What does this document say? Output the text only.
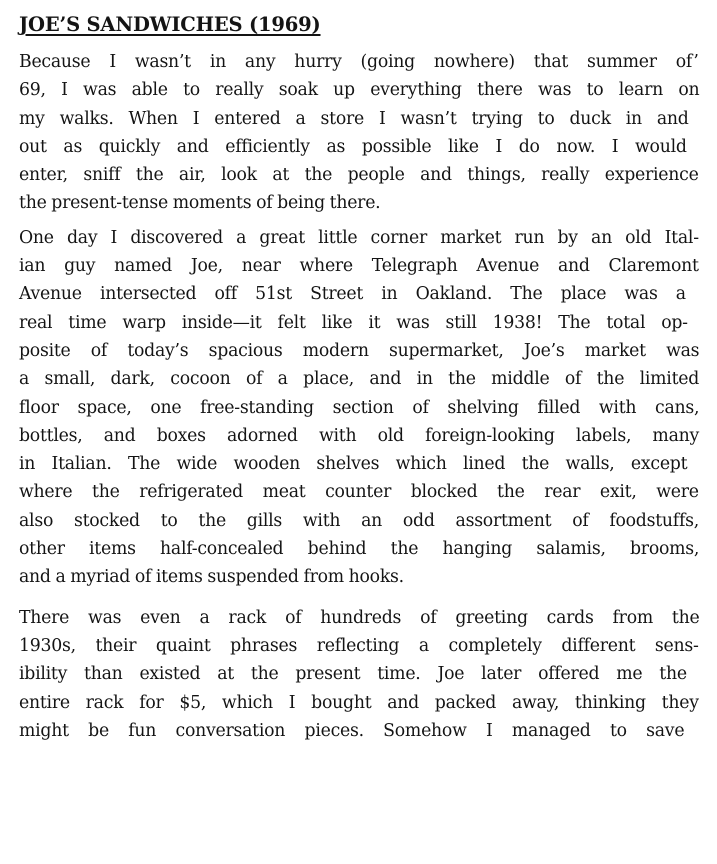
JOE’S SANDWICHES (1969)

Because I wasn’t in any hurry (going nowhere) that summer of’
69, I was able to really soak up everything there was to learn on
my walks. When I entered a store I wasn’t trying to duck in and
out as quickly and efficiently as possible like I do now. I would
enter, sniff the air, look at the people and things, really experience
the present-tense moments of being there.

One day I discovered a great little corner market run by an old Ital-
ian guy named Joe, near where Telegraph Avenue and Claremont
Avenue intersected off 51st Street in Oakland. The place was a
real time warp inside—it felt like it was still 1938! The total op-
posite of today’s spacious modern supermarket, Joe’s market was
a small, dark, cocoon of a place, and in the middle of the limited
floor space, one free-standing section of shelving filled with cans,
bottles, and boxes adorned with old foreign-looking labels, many
in Italian. The wide wooden shelves which lined the walls, except
where the refrigerated meat counter blocked the rear exit, were
also stocked to the gills with an odd assortment of foodstuffs,
other items half-concealed behind the hanging salamis, brooms,
and a myriad of items suspended from hooks.

There was even a rack of hundreds of greeting cards from the
1930s, their quaint phrases reflecting a completely different sens-
ibility than existed at the present time. Joe later offered me the
entire rack for $5, which I bought and packed away, thinking they
might be fun conversation pieces. Somehow I managed to save
